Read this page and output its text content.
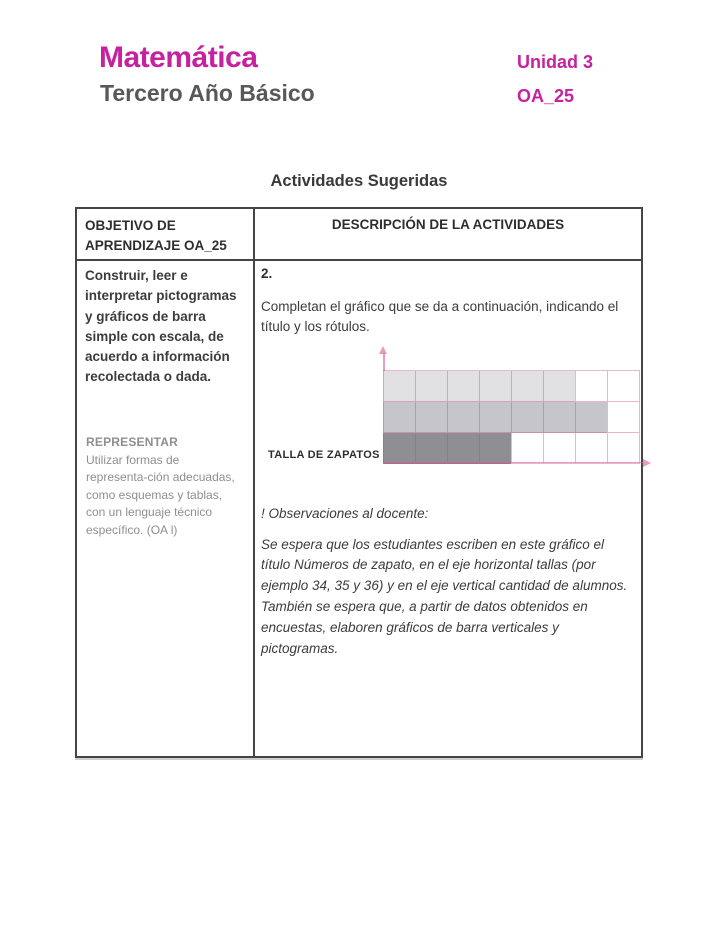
Matemática
Tercero Año Básico
Unidad 3
OA_25
Actividades Sugeridas
OBJETIVO DE APRENDIZAJE OA_25
DESCRIPCIÓN DE LA ACTIVIDADES
Construir, leer e interpretar pictogramas y gráficos de barra simple con escala, de acuerdo a información recolectada o dada.
REPRESENTAR
Utilizar formas de representa-ción adecuadas, como esquemas y tablas, con un lenguaje técnico específico. (OA l)
2.
Completan el gráfico que se da a continuación, indicando el título y los rótulos.
TALLA DE ZAPATOS
! Observaciones al docente:
Se espera que los estudiantes escriben en este gráfico el título Números de zapato, en el eje horizontal tallas (por ejemplo 34, 35 y 36) y en el eje vertical cantidad de alumnos. También se espera que, a partir de datos obtenidos en encuestas, elaboren gráficos de barra verticales y pictogramas.
